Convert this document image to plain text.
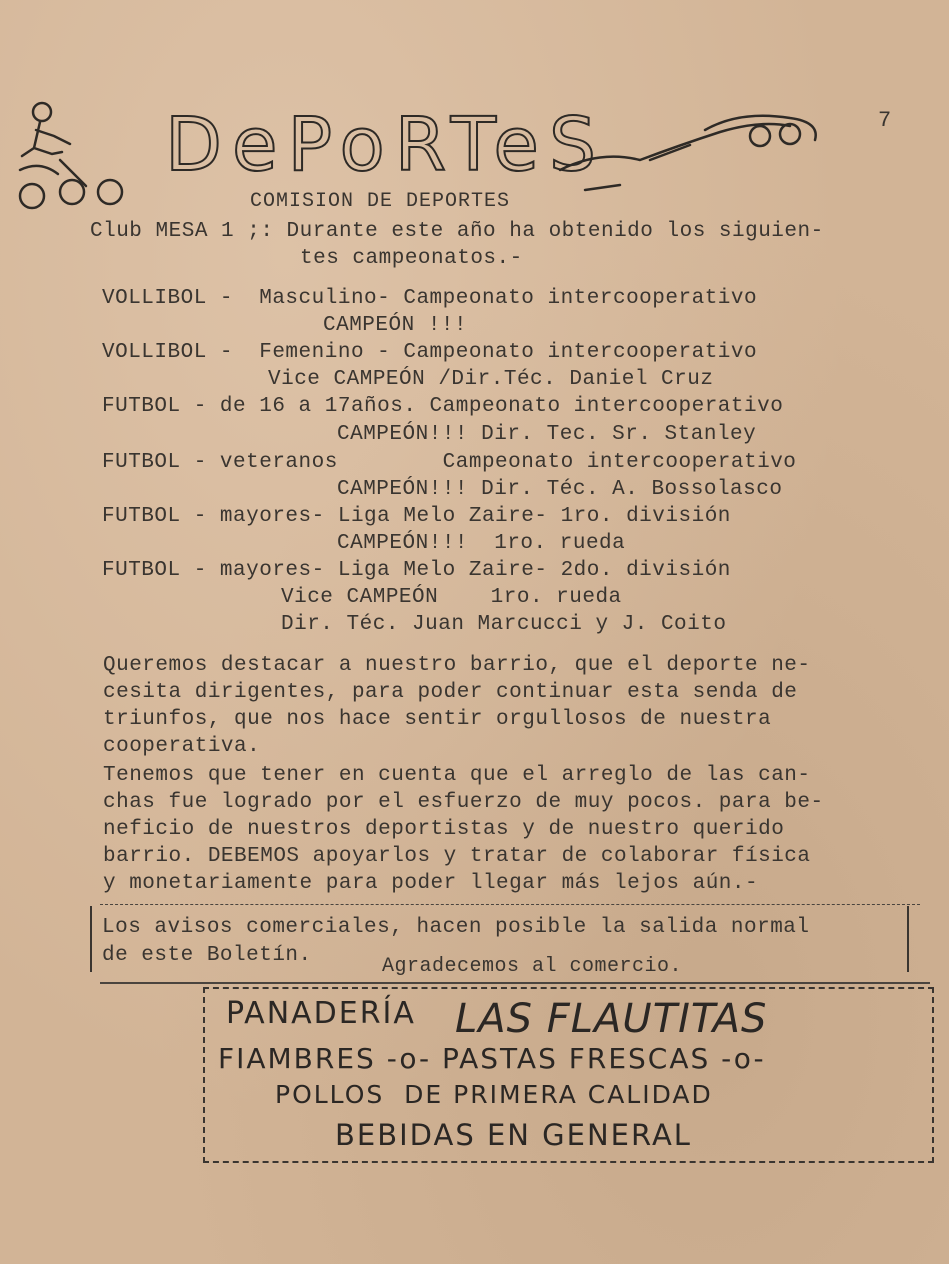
7
DePoRTeS
COMISION DE DEPORTES
Club MESA 1 ;: Durante este año ha obtenido los siguien-
tes campeonatos.-
VOLLIBOL -  Masculino- Campeonato intercooperativo
CAMPEÓN !!!
VOLLIBOL -  Femenino - Campeonato intercooperativo
Vice CAMPEÓN /Dir.Téc. Daniel Cruz
FUTBOL - de 16 a 17años. Campeonato intercooperativo
CAMPEÓN!!! Dir. Tec. Sr. Stanley
FUTBOL - veteranos        Campeonato intercooperativo
CAMPEÓN!!! Dir. Téc. A. Bossolasco
FUTBOL - mayores- Liga Melo Zaire- 1ro. división
CAMPEÓN!!!  1ro. rueda
FUTBOL - mayores- Liga Melo Zaire- 2do. división
Vice CAMPEÓN    1ro. rueda
Dir. Téc. Juan Marcucci y J. Coito
Queremos destacar a nuestro barrio, que el deporte ne-
cesita dirigentes, para poder continuar esta senda de
triunfos, que nos hace sentir orgullosos de nuestra
cooperativa.
Tenemos que tener en cuenta que el arreglo de las can-
chas fue logrado por el esfuerzo de muy pocos. para be-
neficio de nuestros deportistas y de nuestro querido
barrio. DEBEMOS apoyarlos y tratar de colaborar física
y monetariamente para poder llegar más lejos aún.-
Los avisos comerciales, hacen posible la salida normal
de este Boletín.	Agradecemos al comercio.
PANADERÍA LAS FLAUTITAS
FIAMBRES -o- PASTAS FRESCAS -o-
POLLOS  DE PRIMERA CALIDAD
BEBIDAS EN GENERAL
